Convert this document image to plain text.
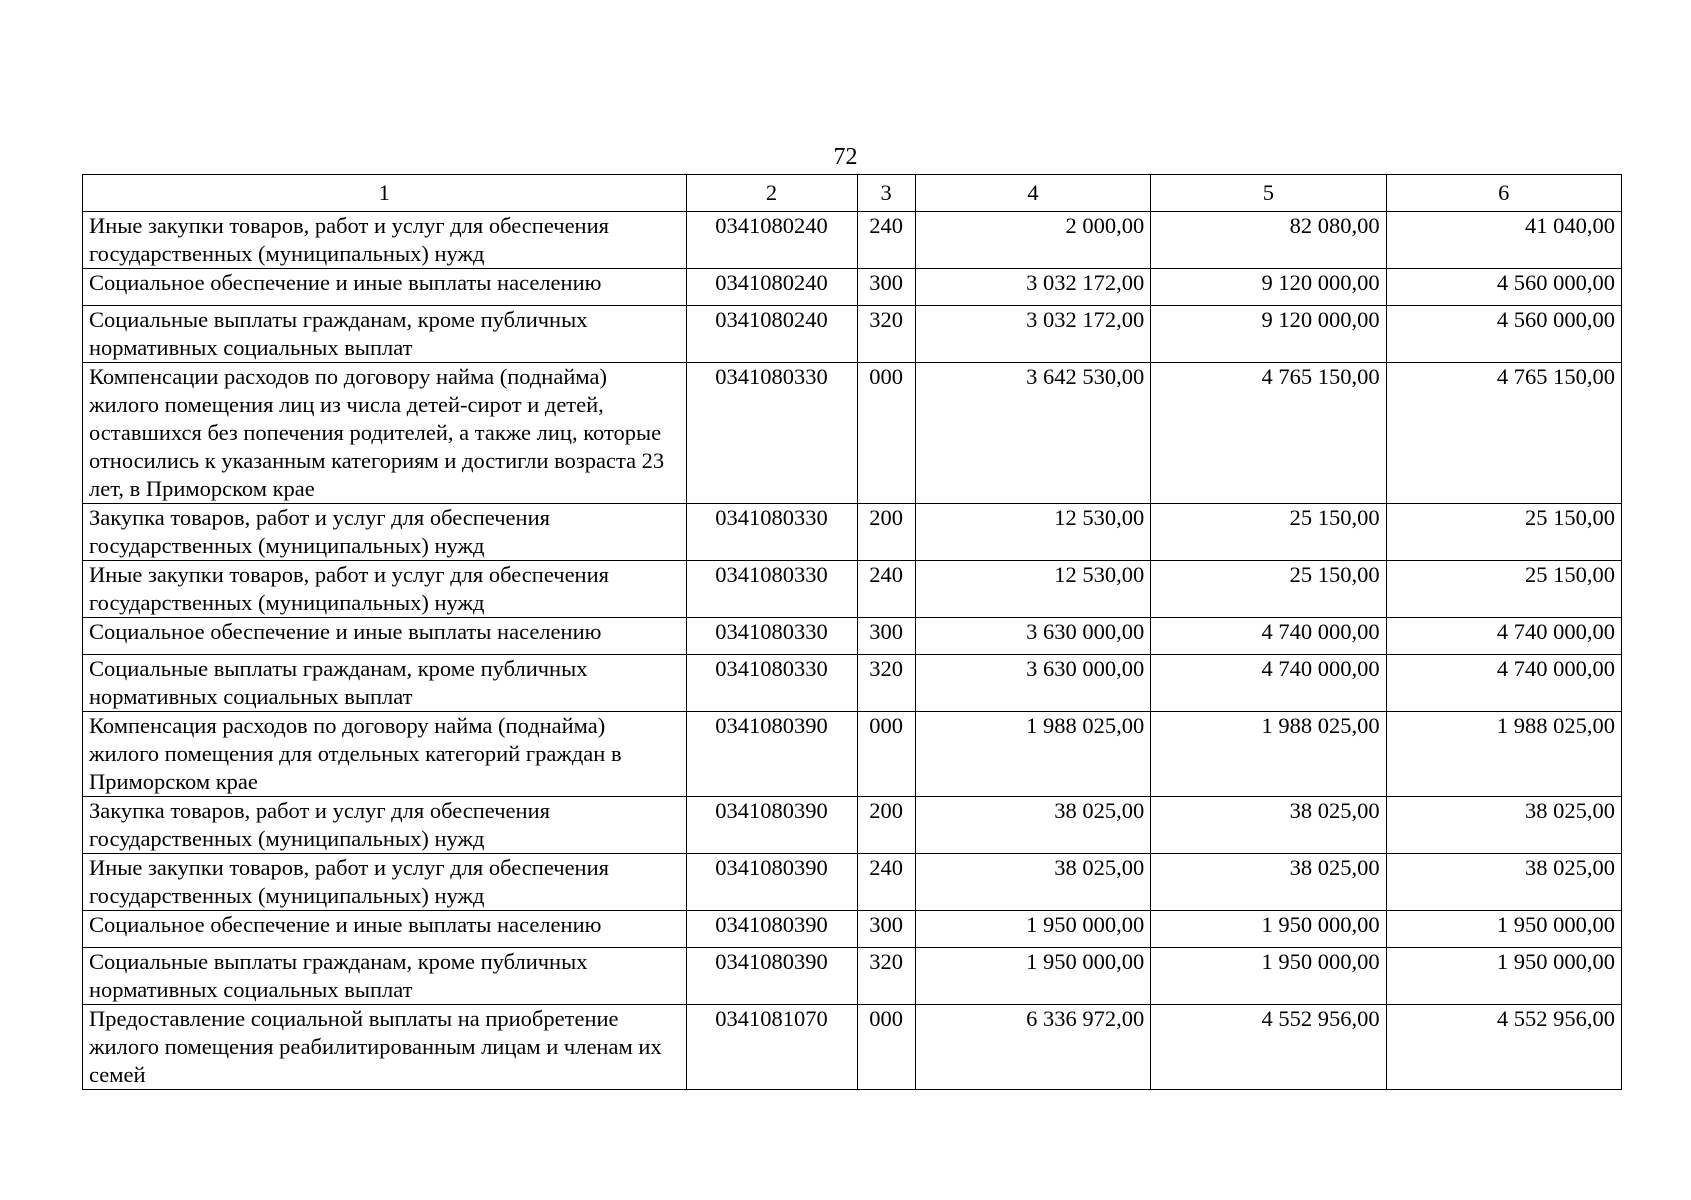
72
1	2	3	4	5	6
Иные закупки товаров, работ и услуг для обеспечения государственных (муниципальных) нужд	0341080240	240	2 000,00	82 080,00	41 040,00
Социальное обеспечение и иные выплаты населению	0341080240	300	3 032 172,00	9 120 000,00	4 560 000,00
Социальные выплаты гражданам, кроме публичных нормативных социальных выплат	0341080240	320	3 032 172,00	9 120 000,00	4 560 000,00
Компенсации расходов по договору найма (поднайма) жилого помещения лиц из числа детей-сирот и детей, оставшихся без попечения родителей, а также лиц, которые относились к указанным категориям и достигли возраста 23 лет, в Приморском крае	0341080330	000	3 642 530,00	4 765 150,00	4 765 150,00
Закупка товаров, работ и услуг для обеспечения государственных (муниципальных) нужд	0341080330	200	12 530,00	25 150,00	25 150,00
Иные закупки товаров, работ и услуг для обеспечения государственных (муниципальных) нужд	0341080330	240	12 530,00	25 150,00	25 150,00
Социальное обеспечение и иные выплаты населению	0341080330	300	3 630 000,00	4 740 000,00	4 740 000,00
Социальные выплаты гражданам, кроме публичных нормативных социальных выплат	0341080330	320	3 630 000,00	4 740 000,00	4 740 000,00
Компенсация расходов по договору найма (поднайма) жилого помещения для отдельных категорий граждан в Приморском крае	0341080390	000	1 988 025,00	1 988 025,00	1 988 025,00
Закупка товаров, работ и услуг для обеспечения государственных (муниципальных) нужд	0341080390	200	38 025,00	38 025,00	38 025,00
Иные закупки товаров, работ и услуг для обеспечения государственных (муниципальных) нужд	0341080390	240	38 025,00	38 025,00	38 025,00
Социальное обеспечение и иные выплаты населению	0341080390	300	1 950 000,00	1 950 000,00	1 950 000,00
Социальные выплаты гражданам, кроме публичных нормативных социальных выплат	0341080390	320	1 950 000,00	1 950 000,00	1 950 000,00
Предоставление социальной выплаты на приобретение жилого помещения реабилитированным лицам и членам их семей	0341081070	000	6 336 972,00	4 552 956,00	4 552 956,00
